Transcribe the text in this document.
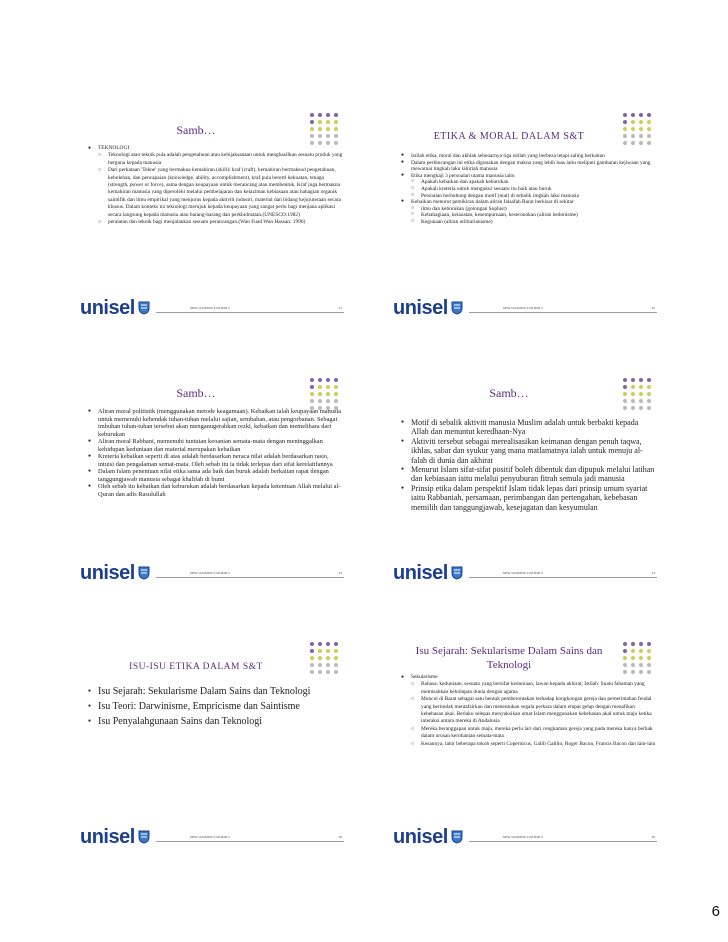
Samb…
● TEKNOLOGI
○ Teknologi atau teknik pula adalah pengetahuan atau kebijaksanaan untuk menghasilkan sesuatu produk yang berguna kepada manusia
○ Dari perkataan 'Tekne' yang bermakna kemahiran (skill)/ kraf (craft), kemahiran bermaksud pengetahuan, kebolehan, dan pencapaian (knowledge, ability, accomplishment), kraf pula bererti kekuatan, tenaga (strength, power or force), sama dengan keupayaan untuk merancang atau membentuk. Kraf juga bermakna kemahiran manusia yang diperolehi melalui pembelajaran dan kelaziman kebiasaan atau bahagian organik saintifik dan ilmu empirikal yang menjurus kepada aktiviti industri, material dan bidang kejuruteraan secara khusus. Dalam konteks ini teknologi merujuk kepada keupayaan yang sangat perlu bagi menjana aplikasi secara langsung kepada manusia atau barang-barang dan perkhidmatan.(UNESCO:1982)
○ peralatan dan teknik bagi menjalankan sesuatu perancangan.(Wan Fuad Wan Hassan: 1996)
unisel	MPW 1143/MPW 2133 BAB 4	21
ETIKA & MORAL DALAM S&T
● Istilah etika, moral dan akhlak sebenarnya tiga istilah yang berbeza tetapi saling berkaitan
● Dalam perbincangan ini etika digunakan dengan makna yang lebih luas iaitu meliputi gambaran kejiwaan yang mewarnai tingkah laku lahiriah manusia
● Etika mengkaji 3 persoalan utama manusia iaitu
○ Apakah kebaikan dan apakah keburukan
○ Apakah kreteria untuk mengukur sesuatu itu baik atau buruk
○ Persoalan berhubung dengan motif (niat) di sebalik tingkah laku manusia
● Kebaikan menurut pemikiran dalam aliran falsafah Barat berkisar di sekitar
○ ilmu dan keburukan (golongan Sophist)
○ Kebahagiaan, kelazatan, kesempurnaan, keseronokan (aliran hedonisme)
○ Kegunaan (aliran utilitarianisme)
unisel	MPW 1143/MPW 2133 BAB 4	22
Samb…
● Aliran moral politistik (menggunakan metode keagamaan). Kebaikan ialah keupayaan manusia untuk memenuhi kehendak tuhan-tuhan melalui sajian, sembahan, atau pengorbanan. Sebagai imbuhan tuhan-tuhan tersebut akan menganugerahkan rezki, kebaikan dan memelihara dari keburukan
● Aliran moral Rabbani, memenuhi tuntutan keoanian semata-mata dengan meninggalkan kehidupan keduniaan dan material merupakan kebaikan
● Kreteria kebaikan seperti di atas adalah berdasarkan neraca nilai adalah berdasarkan rasio, intuisi dan pengalaman semat-mata. Oleh sebab itu ia tidak terlepas dari sifat kerelatifannya
● Dalam Islam penentuan nilai etika sama ada baik dan buruk adalah berkaitan rapat dengan tanggungjawab manusia sebagai khalifah di bumi
● Oleh sebab itu kebaikan dan keburukan adalah berdasarkan kepada ketentuan Allah melalui al-Quran dan adis Rasulullah
unisel	MPW 1143/MPW 2133 BAB 4	23
Samb…
● Motif di sebalik aktiviti manusia Muslim adalah untuk berbakti kepada Allah dan menuntut keredhaan-Nya
● Aktiviti tersebut sebagai merealisasikan keimanan dengan penuh taqwa, ikhlas, sabar dan syukur yang mana matlamatnya ialah untuk menuju al-falah di dunia dan akhirat
● Menurut Islam sifat-sifat positif boleh dibentuk dan dipupuk melalui latihan dan kebiasaan iaitu melalui penyuburan fitrah semula jadi manusia
● Prinsip etika dalam perspektif Islam tidak lepas dari prinsip umum syariat iaitu Rabbaniah, persamaan, perimbangan dan pertengahan, kebebasan memilih dan tanggungjawab, kesejagatan dan kesyumulan
unisel	MPW 1143/MPW 2133 BAB 4	24
ISU-ISU ETIKA DALAM S&T
● Isu Sejarah: Sekularisme Dalam Sains dan Teknologi
● Isu Teori: Darwinisme, Empricisme dan Saintisme
● Isu Penyalahgunaan Sains dan Teknologi
unisel	MPW 1143/MPW 2133 BAB 4	25
Isu Sejarah: Sekularisme Dalam Sains dan Teknologi
● Sekularisme
○ Bahasa: keduniaan, sesuatu yang bersifat keduniaan, lawan kepada akhirat; Istilah: Suatu fahaman yang memisahkan kehidupan dunia dengan agama
○ Muncul di Barat sebagai satu bentuk pemberontakan terhadap kongkongan gereja dan pemerintahan feudal yang bertindak mentafsirkan dan menentukan segala perkara dalam empat gelap dengan menafikan kebebasan akal. Berlaku selepas menyaksikan umat Islam menggunakan kebebasan akal untuk maju ketika interaksi antara mereka di Andalusia
○ Mereka beranggapan untuk maju, mereka perlu lari dari cengkaman gereja yang pada mereka hanya berhak dalam urusan kerohanian semata-mata
○ Kesannya, lahir beberapa tokoh seperti Copernicus, Galili Galilio, Roger Bacon, Francis Bacon dan lain-lain
unisel	MPW 1143/MPW 2133 BAB 4	26
6
